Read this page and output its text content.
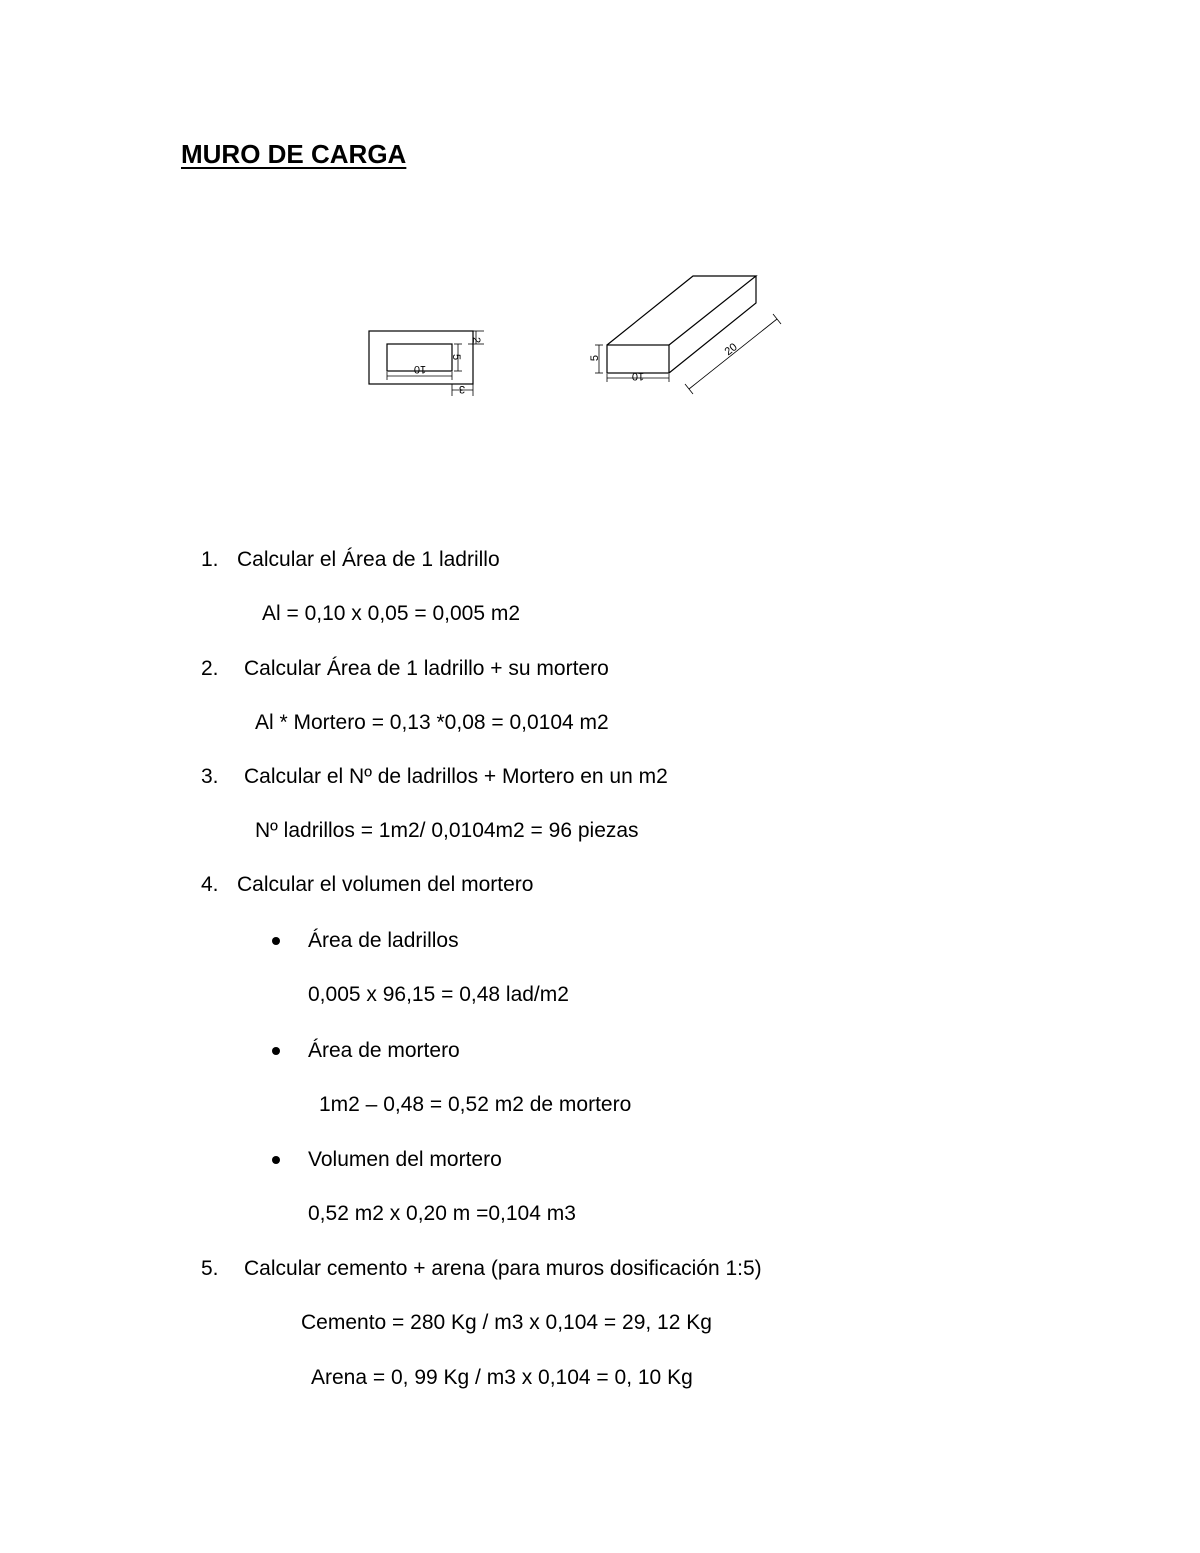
MURO DE CARGA
10
5
2
3
5
10
20
1. Calcular el Área de 1 ladrillo
Al = 0,10 x 0,05 = 0,005 m2
2. Calcular Área de 1 ladrillo + su mortero
Al * Mortero = 0,13 *0,08 = 0,0104 m2
3. Calcular el Nº de ladrillos + Mortero en un m2
Nº ladrillos = 1m2/ 0,0104m2 = 96 piezas
4. Calcular el volumen del mortero
Área de ladrillos
0,005 x 96,15 = 0,48 lad/m2
Área de mortero
1m2 – 0,48 = 0,52 m2 de mortero
Volumen del mortero
0,52 m2 x 0,20 m =0,104 m3
5. Calcular cemento + arena (para muros dosificación 1:5)
Cemento = 280 Kg / m3 x 0,104 = 29, 12 Kg
Arena = 0, 99 Kg / m3 x 0,104 = 0, 10 Kg
